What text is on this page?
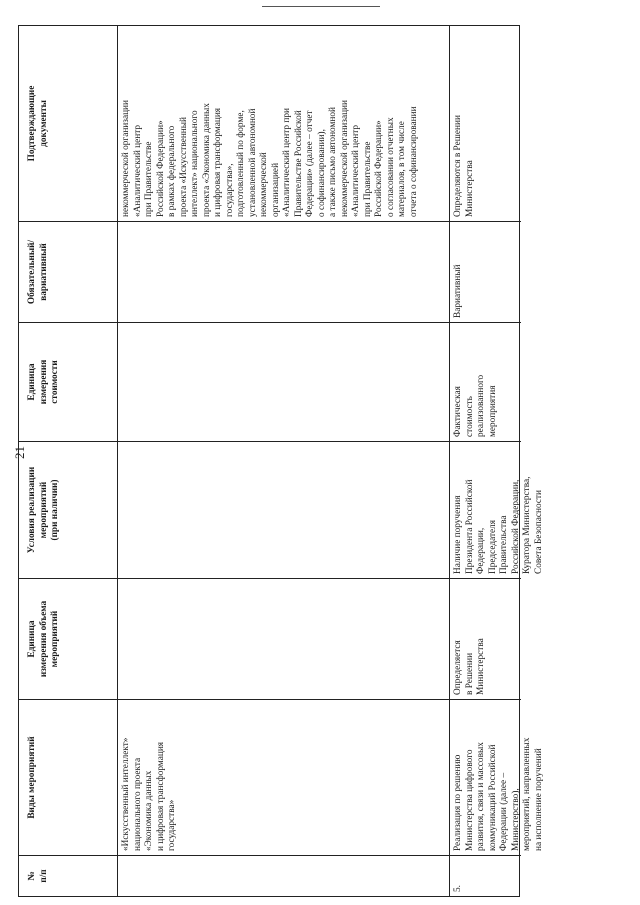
21
№ п/п
Виды мероприятий
Единица измерения объема мероприятий
Условия реализации мероприятий (при наличии)
Единица измерения стоимости
Обязательный/ вариативный
Подтверждающие документы
«Искусственный интеллект» национального проекта «Экономика данных и цифровая трансформация государства»
некоммерческой организации «Аналитический центр при Правительстве Российской Федерации» в рамках федерального проекта «Искусственный интеллект» национального проекта «Экономика данных и цифровая трансформация государства», подготовленный по форме, установленной автономной некоммерческой организацией «Аналитический центр при Правительстве Российской Федерации» (далее – отчет о софинансировании), а также письмо автономной некоммерческой организации «Аналитический центр при Правительстве Российской Федерации» о согласовании отчетных материалов, в том числе отчета о софинансировании
5.
Реализация по решению Министерства цифрового развития, связи и массовых коммуникаций Российской Федерации (далее – Министерство), мероприятий, направленных на исполнение поручений
Определяется в Решении Министерства
Наличие поручения Президента Российской Федерации, Председателя Правительства Российской Федерации, Куратора Министерства, Совета Безопасности
Фактическая стоимость реализованного мероприятия
Вариативный
Определяются в Решении Министерства
